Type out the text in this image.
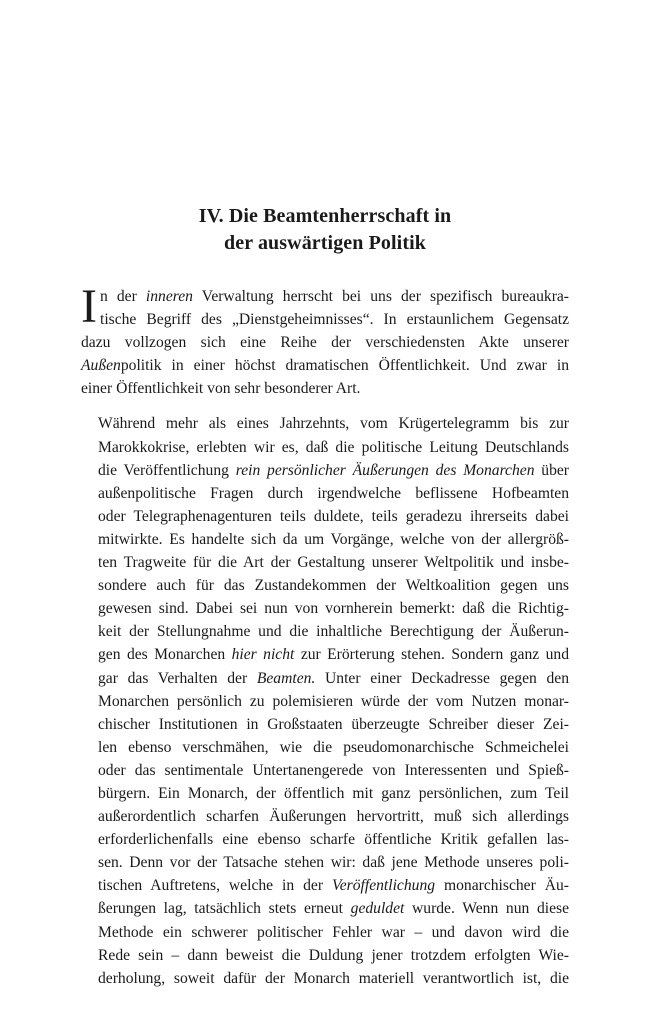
IV. Die Beamtenherrschaft in
der auswärtigen Politik

I n der inneren Verwaltung herrscht bei uns der spezifisch bureaukra-
tische Begriff des „Dienstgeheimnisses“. In erstaunlichem Gegensatz
dazu vollzogen sich eine Reihe der verschiedensten Akte unserer
Außenpolitik in einer höchst dramatischen Öffentlichkeit. Und zwar in
einer Öffentlichkeit von sehr besonderer Art.

Während mehr als eines Jahrzehnts, vom Krügertelegramm bis zur
Marokkokrise, erlebten wir es, daß die politische Leitung Deutschlands
die Veröffentlichung rein persönlicher Äußerungen des Monarchen über
außenpolitische Fragen durch irgendwelche beflissene Hofbeamten
oder Telegraphenagenturen teils duldete, teils geradezu ihrerseits dabei
mitwirkte. Es handelte sich da um Vorgänge, welche von der allergröß-
ten Tragweite für die Art der Gestaltung unserer Weltpolitik und insbe-
sondere auch für das Zustandekommen der Weltkoalition gegen uns
gewesen sind. Dabei sei nun von vornherein bemerkt: daß die Richtig-
keit der Stellungnahme und die inhaltliche Berechtigung der Äußerun-
gen des Monarchen hier nicht zur Erörterung stehen. Sondern ganz und
gar das Verhalten der Beamten. Unter einer Deckadresse gegen den
Monarchen persönlich zu polemisieren würde der vom Nutzen monar-
chischer Institutionen in Großstaaten überzeugte Schreiber dieser Zei-
len ebenso verschmähen, wie die pseudomonarchische Schmeichelei
oder das sentimentale Untertanengerede von Interessenten und Spieß-
bürgern. Ein Monarch, der öffentlich mit ganz persönlichen, zum Teil
außerordentlich scharfen Äußerungen hervortritt, muß sich allerdings
erforderlichenfalls eine ebenso scharfe öffentliche Kritik gefallen las-
sen. Denn vor der Tatsache stehen wir: daß jene Methode unseres poli-
tischen Auftretens, welche in der Veröffentlichung monarchischer Äu-
ßerungen lag, tatsächlich stets erneut geduldet wurde. Wenn nun diese
Methode ein schwerer politischer Fehler war – und davon wird die
Rede sein – dann beweist die Duldung jener trotzdem erfolgten Wie-
derholung, soweit dafür der Monarch materiell verantwortlich ist, die
